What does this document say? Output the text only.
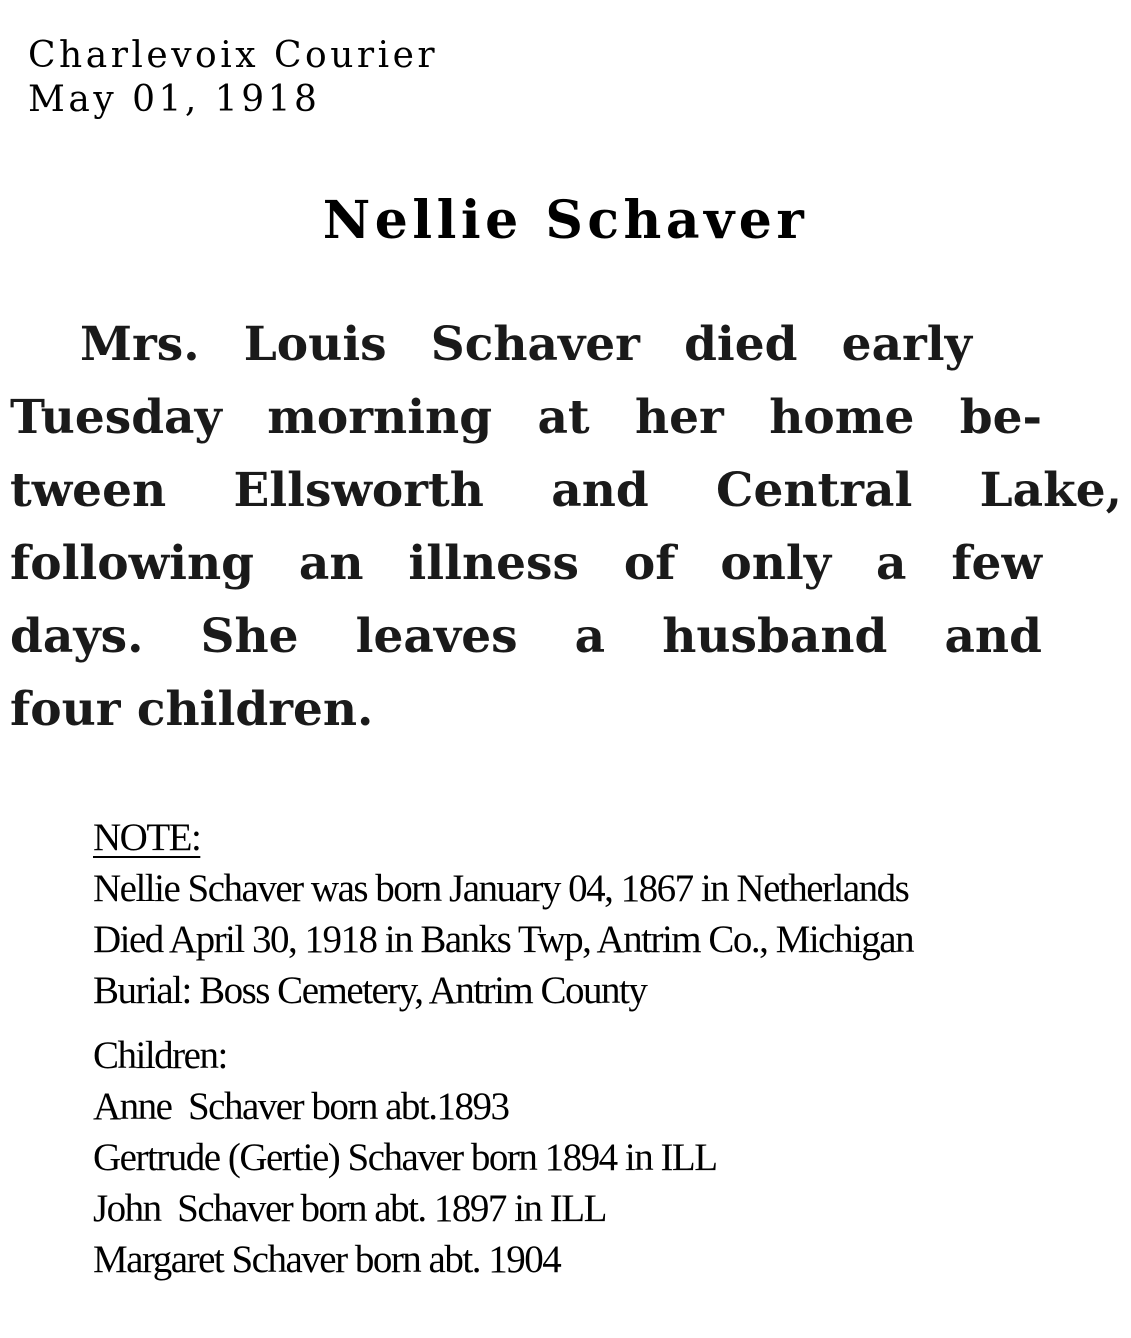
Charlevoix Courier
May 01, 1918
Nellie Schaver
Mrs. Louis Schaver died early
Tuesday morning at her home be-
tween Ellsworth and Central Lake,
following an illness of only a few
days. She leaves a husband and
four children.
NOTE:
Nellie Schaver was born January 04, 1867 in Netherlands
Died April 30, 1918 in Banks Twp, Antrim Co., Michigan
Burial: Boss Cemetery, Antrim County
Children:
Anne  Schaver born abt.1893
Gertrude (Gertie) Schaver born 1894 in ILL
John  Schaver born abt. 1897 in ILL
Margaret Schaver born abt. 1904
